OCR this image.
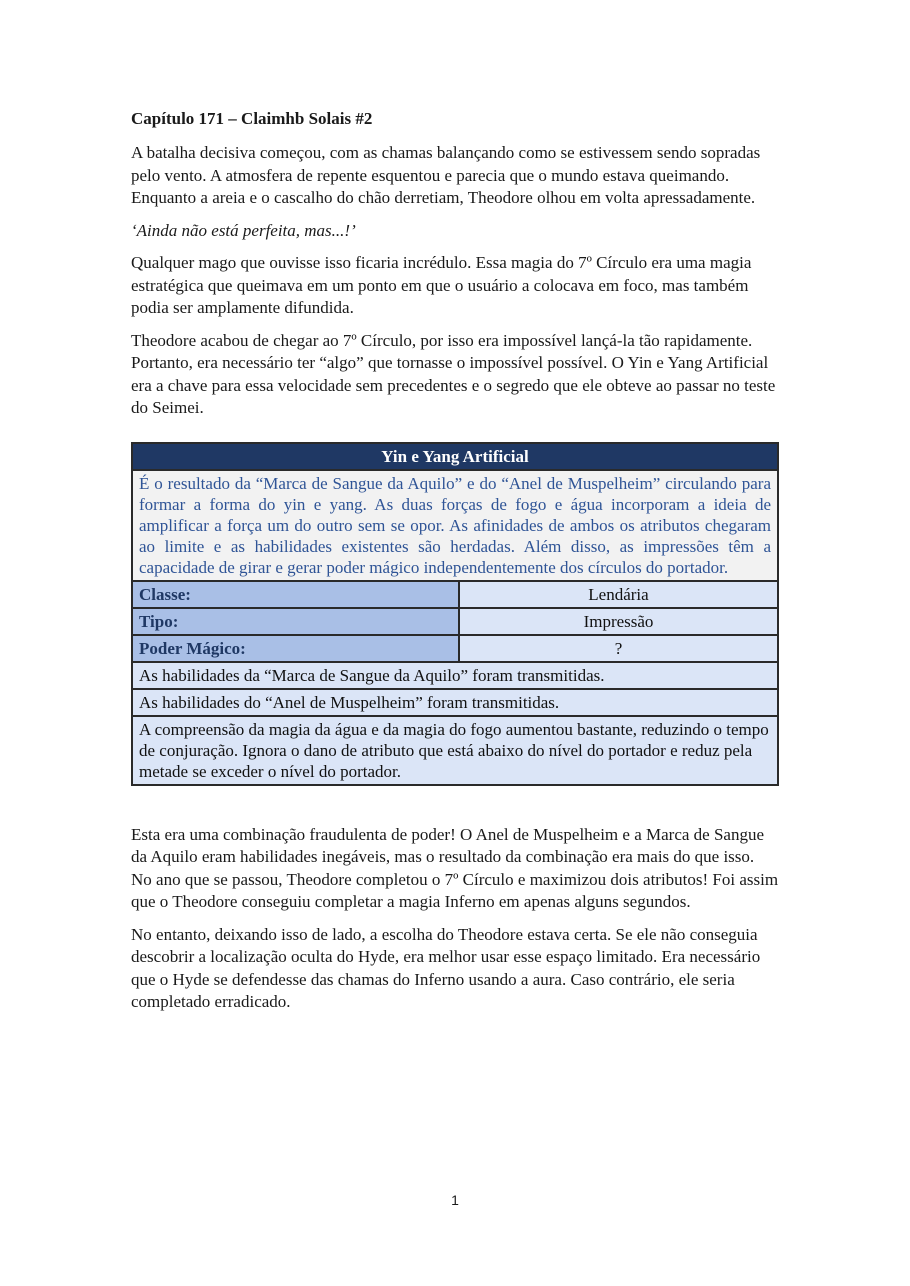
Capítulo 171 – Claimhb Solais #2

A batalha decisiva começou, com as chamas balançando como se estivessem sendo sopradas pelo vento. A atmosfera de repente esquentou e parecia que o mundo estava queimando. Enquanto a areia e o cascalho do chão derretiam, Theodore olhou em volta apressadamente.

‘Ainda não está perfeita, mas...!’

Qualquer mago que ouvisse isso ficaria incrédulo. Essa magia do 7º Círculo era uma magia estratégica que queimava em um ponto em que o usuário a colocava em foco, mas também podia ser amplamente difundida.

Theodore acabou de chegar ao 7º Círculo, por isso era impossível lançá-la tão rapidamente. Portanto, era necessário ter “algo” que tornasse o impossível possível. O Yin e Yang Artificial era a chave para essa velocidade sem precedentes e o segredo que ele obteve ao passar no teste do Seimei.

Yin e Yang Artificial	
É o resultado da “Marca de Sangue da Aquilo” e do “Anel de Muspelheim” circulando para formar a forma do yin e yang. As duas forças de fogo e água incorporam a ideia de amplificar a força um do outro sem se opor. As afinidades de ambos os atributos chegaram ao limite e as habilidades existentes são herdadas. Além disso, as impressões têm a capacidade de girar e gerar poder mágico independentemente dos círculos do portador.	
Classe:	Lendária
Tipo:	Impressão
Poder Mágico:	?
As habilidades da “Marca de Sangue da Aquilo” foram transmitidas.	
As habilidades do “Anel de Muspelheim” foram transmitidas.	
A compreensão da magia da água e da magia do fogo aumentou bastante, reduzindo o tempo de conjuração. Ignora o dano de atributo que está abaixo do nível do portador e reduz pela metade se exceder o nível do portador.	

Esta era uma combinação fraudulenta de poder! O Anel de Muspelheim e a Marca de Sangue da Aquilo eram habilidades inegáveis, mas o resultado da combinação era mais do que isso. No ano que se passou, Theodore completou o 7º Círculo e maximizou dois atributos! Foi assim que o Theodore conseguiu completar a magia Inferno em apenas alguns segundos.

No entanto, deixando isso de lado, a escolha do Theodore estava certa. Se ele não conseguia descobrir a localização oculta do Hyde, era melhor usar esse espaço limitado. Era necessário que o Hyde se defendesse das chamas do Inferno usando a aura. Caso contrário, ele seria completado erradicado.

1
